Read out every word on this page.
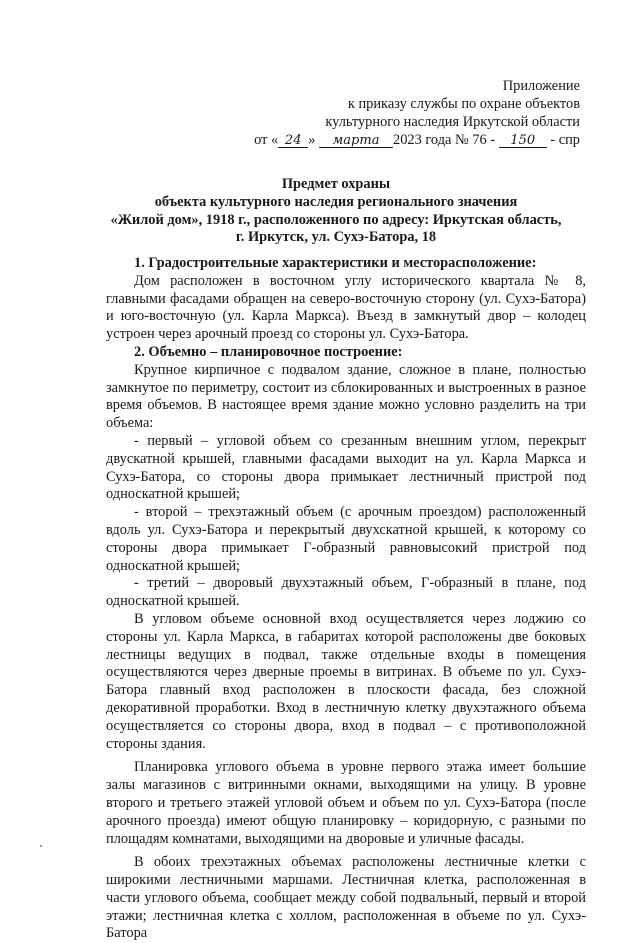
Приложение
к приказу службы по охране объектов
культурного наследия Иркутской области
от « 24 » марта 2023 года № 76 - 150 - спр
Предмет охраны
объекта культурного наследия регионального значения
«Жилой дом», 1918 г., расположенного по адресу: Иркутская область,
г. Иркутск, ул. Сухэ-Батора, 18

1. Градостроительные характеристики и месторасположение:

Дом расположен в восточном углу исторического квартала № 8, главными фасадами обращен на северо-восточную сторону (ул. Сухэ-Батора) и юго-восточную (ул. Карла Маркса). Въезд в замкнутый двор – колодец устроен через арочный проезд со стороны ул. Сухэ-Батора.

2. Объемно – планировочное построение:

Крупное кирпичное с подвалом здание, сложное в плане, полностью замкнутое по периметру, состоит из сблокированных и выстроенных в разное время объемов. В настоящее время здание можно условно разделить на три объема:

- первый – угловой объем со срезанным внешним углом, перекрыт двускатной крышей, главными фасадами выходит на ул. Карла Маркса и Сухэ-Батора, со стороны двора примыкает лестничный пристрой под односкатной крышей;

- второй – трехэтажный объем (с арочным проездом) расположенный вдоль ул. Сухэ-Батора и перекрытый двухскатной крышей, к которому со стороны двора примыкает Г-образный равновысокий пристрой под односкатной крышей;

- третий – дворовый двухэтажный объем, Г-образный в плане, под односкатной крышей.

В угловом объеме основной вход осуществляется через лоджию со стороны ул. Карла Маркса, в габаритах которой расположены две боковых лестницы ведущих в подвал, также отдельные входы в помещения осуществляются через дверные проемы в витринах. В объеме по ул. Сухэ-Батора главный вход расположен в плоскости фасада, без сложной декоративной проработки. Вход в лестничную клетку двухэтажного объема осуществляется со стороны двора, вход в подвал – с противоположной стороны здания.

Планировка углового объема в уровне первого этажа имеет большие залы магазинов с витринными окнами, выходящими на улицу. В уровне второго и третьего этажей угловой объем и объем по ул. Сухэ-Батора (после арочного проезда) имеют общую планировку – коридорную, с разными по площадям комнатами, выходящими на дворовые и уличные фасады.

В обоих трехэтажных объемах расположены лестничные клетки с широкими лестничными маршами. Лестничная клетка, расположенная в части углового объема, сообщает между собой подвальный, первый и второй этажи; лестничная клетка с холлом, расположенная в объеме по ул. Сухэ-Батора
